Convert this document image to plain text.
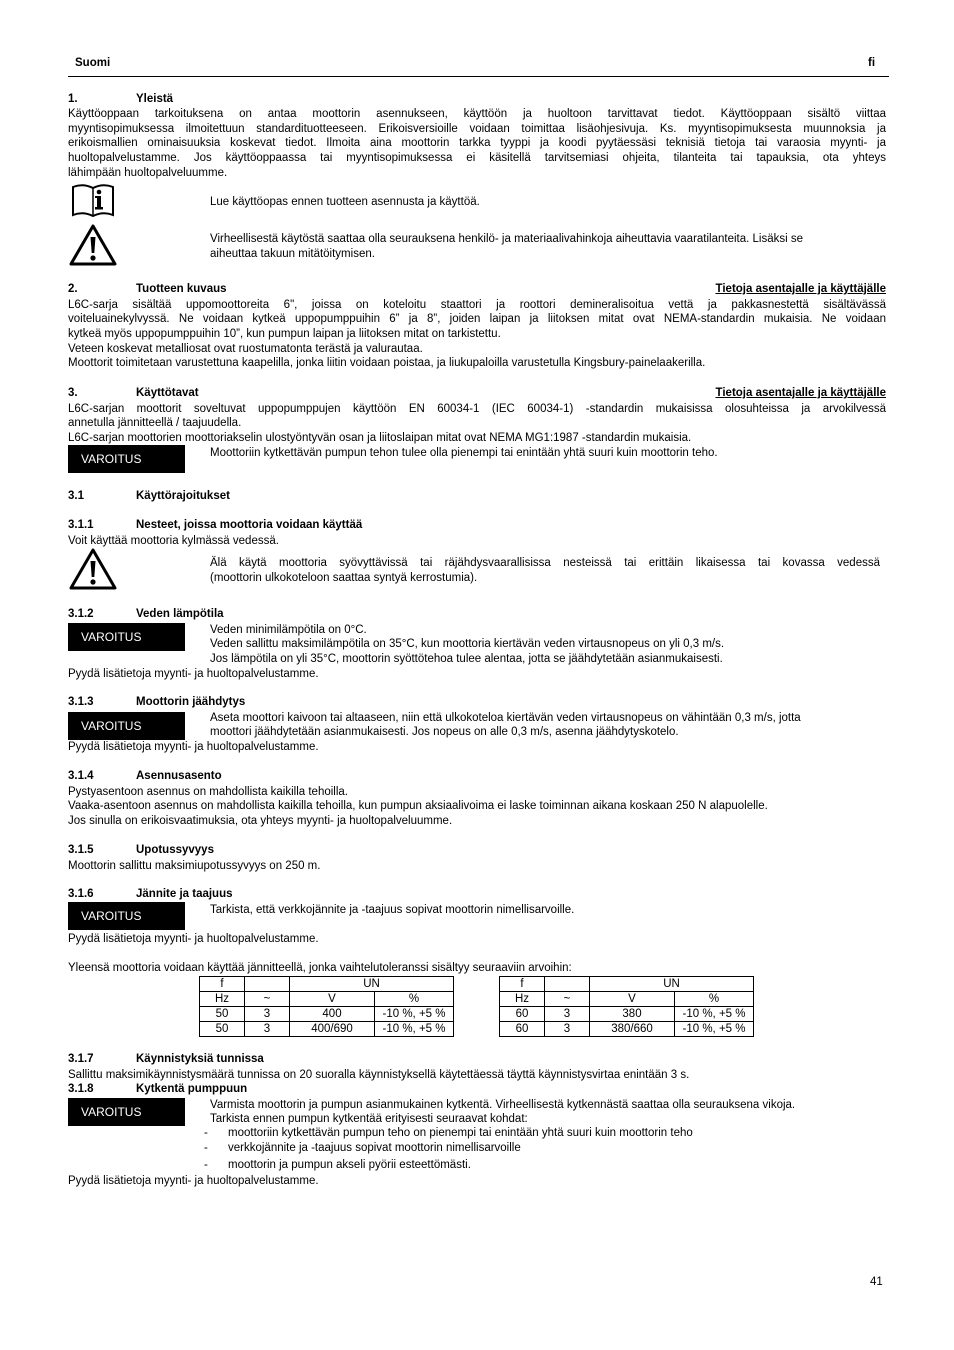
Suomi	fi
1.	Yleistä
Käyttöoppaan tarkoituksena on antaa moottorin asennukseen, käyttöön ja huoltoon tarvittavat tiedot. Käyttöoppaan sisältö viittaa
myyntisopimuksessa ilmoitettuun standardituotteeseen. Erikoisversioille voidaan toimittaa lisäohjesivuja. Ks. myyntisopimuksesta muunnoksia ja
erikoismallien ominaisuuksia koskevat tiedot. Ilmoita aina moottorin tarkka tyyppi ja koodi pyytäessäsi teknisiä tietoja tai varaosia myynti- ja
huoltopalvelustamme. Jos käyttöoppaassa tai myyntisopimuksessa ei käsitellä tarvitsemiasi ohjeita, tilanteita tai tapauksia, ota yhteys
lähimpään huoltopalveluumme.
Lue käyttöopas ennen tuotteen asennusta ja käyttöä.
Virheellisestä käytöstä saattaa olla seurauksena henkilö- ja materiaalivahinkoja aiheuttavia vaaratilanteita. Lisäksi se
aiheuttaa takuun mitätöitymisen.
2.	Tuotteen kuvaus	Tietoja asentajalle ja käyttäjälle
L6C-sarja sisältää uppomoottoreita 6", joissa on koteloitu staattori ja roottori demineralisoitua vettä ja pakkasnestettä sisältävässä
voiteluainekylvyssä. Ne voidaan kytkeä uppopumppuihin 6” ja 8”, joiden laipan ja liitoksen mitat ovat NEMA-standardin mukaisia. Ne voidaan
kytkeä myös uppopumppuihin 10”, kun pumpun laipan ja liitoksen mitat on tarkistettu.
Veteen koskevat metalliosat ovat ruostumatonta terästä ja valurautaa.
Moottorit toimitetaan varustettuna kaapelilla, jonka liitin voidaan poistaa, ja liukupaloilla varustetulla Kingsbury-painelaakerilla.
3.	Käyttötavat	Tietoja asentajalle ja käyttäjälle
L6C-sarjan moottorit soveltuvat uppopumppujen käyttöön EN 60034-1 (IEC 60034-1) -standardin mukaisissa olosuhteissa ja arvokilvessä
annetulla jännitteellä / taajuudella.
L6C-sarjan moottorien moottoriakselin ulostyöntyvän osan ja liitoslaipan mitat ovat NEMA MG1:1987 -standardin mukaisia.
VAROITUS	Moottoriin kytkettävän pumpun tehon tulee olla pienempi tai enintään yhtä suuri kuin moottorin teho.
3.1	Käyttörajoitukset
3.1.1	Nesteet, joissa moottoria voidaan käyttää
Voit käyttää moottoria kylmässä vedessä.
Älä käytä moottoria syövyttävissä tai räjähdysvaarallisissa nesteissä tai erittäin likaisessa tai kovassa vedessä
(moottorin ulkokoteloon saattaa syntyä kerrostumia).
3.1.2	Veden lämpötila
VAROITUS
Veden minimilämpötila on 0°C.
Veden sallittu maksimilämpötila on 35°C, kun moottoria kiertävän veden virtausnopeus on yli 0,3 m/s.
Jos lämpötila on yli 35°C, moottorin syöttötehoa tulee alentaa, jotta se jäähdytetään asianmukaisesti.
Pyydä lisätietoja myynti- ja huoltopalvelustamme.
3.1.3	Moottorin jäähdytys
VAROITUS
Aseta moottori kaivoon tai altaaseen, niin että ulkokoteloa kiertävän veden virtausnopeus on vähintään 0,3 m/s, jotta
moottori jäähdytetään asianmukaisesti. Jos nopeus on alle 0,3 m/s, asenna jäähdytyskotelo.
Pyydä lisätietoja myynti- ja huoltopalvelustamme.
3.1.4	Asennusasento
Pystyasentoon asennus on mahdollista kaikilla tehoilla.
Vaaka-asentoon asennus on mahdollista kaikilla tehoilla, kun pumpun aksiaalivoima ei laske toiminnan aikana koskaan 250 N alapuolelle.
Jos sinulla on erikoisvaatimuksia, ota yhteys myynti- ja huoltopalveluumme.
3.1.5	Upotussyvyys
Moottorin sallittu maksimiupotussyvyys on 250 m.
3.1.6	Jännite ja taajuus
VAROITUS	Tarkista, että verkkojännite ja -taajuus sopivat moottorin nimellisarvoille.
Pyydä lisätietoja myynti- ja huoltopalvelustamme.
Yleensä moottoria voidaan käyttää jännitteellä, jonka vaihtelutoleranssi sisältyy seuraaviin arvoihin:
f		UN	
Hz	~	V	%
50	3	400	-10 %, +5 %
50	3	400/690	-10 %, +5 %
f		UN	
Hz	~	V	%
60	3	380	-10 %, +5 %
60	3	380/660	-10 %, +5 %
3.1.7	Käynnistyksiä tunnissa
Sallittu maksimikäynnistysmäärä tunnissa on 20 suoralla käynnistyksellä käytettäessä täyttä käynnistysvirtaa enintään 3 s.
3.1.8	Kytkentä pumppuun
VAROITUS
Varmista moottorin ja pumpun asianmukainen kytkentä. Virheellisestä kytkennästä saattaa olla seurauksena vikoja.
Tarkista ennen pumpun kytkentää erityisesti seuraavat kohdat:
- moottoriin kytkettävän pumpun teho on pienempi tai enintään yhtä suuri kuin moottorin teho
- verkkojännite ja -taajuus sopivat moottorin nimellisarvoille
- moottorin ja pumpun akseli pyörii esteettömästi.
Pyydä lisätietoja myynti- ja huoltopalvelustamme.
41
